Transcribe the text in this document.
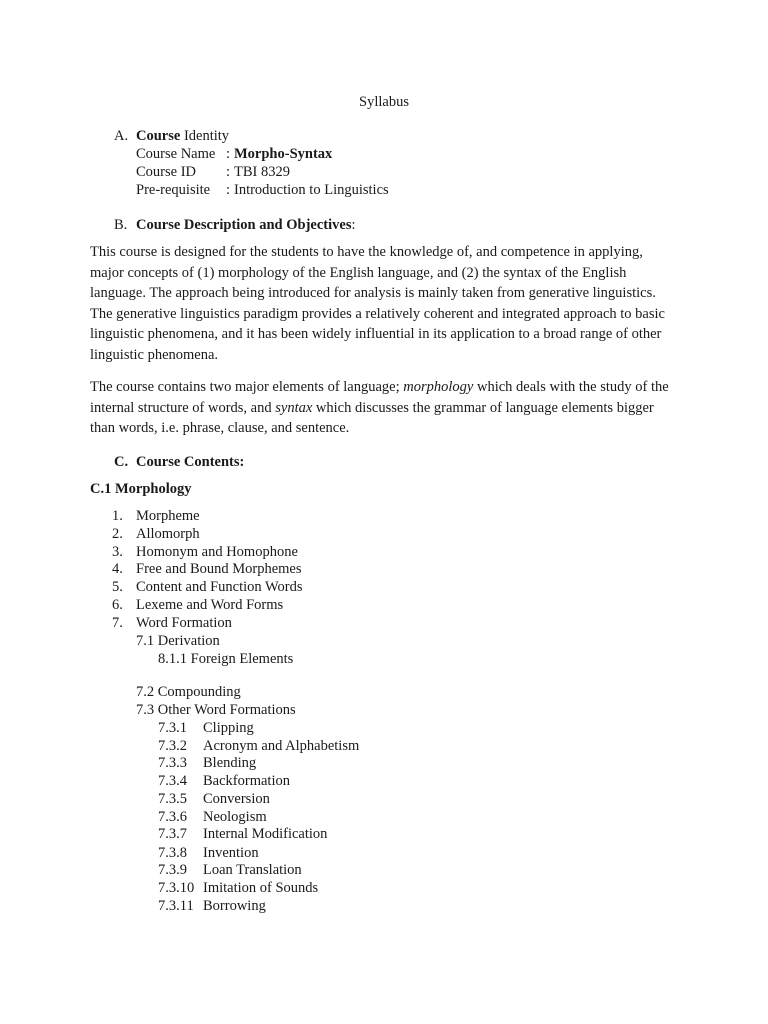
Syllabus
A. Course Identity
Course Name : Morpho-Syntax
Course ID : TBI 8329
Pre-requisite : Introduction to Linguistics
B. Course Description and Objectives:

This course is designed for the students to have the knowledge of, and competence in applying, major concepts of (1) morphology of the English language, and (2) the syntax of the English language. The approach being introduced for analysis is mainly taken from generative linguistics. The generative linguistics paradigm provides a relatively coherent and integrated approach to basic linguistic phenomena, and it has been widely influential in its application to a broad range of other linguistic phenomena.

The course contains two major elements of language; morphology which deals with the study of the internal structure of words, and syntax which discusses the grammar of language elements bigger than words, i.e. phrase, clause, and sentence.

C. Course Contents:
C.1 Morphology
1. Morpheme
2. Allomorph
3. Homonym and Homophone
4. Free and Bound Morphemes
5. Content and Function Words
6. Lexeme and Word Forms
7. Word Formation
7.1 Derivation
8.1.1 Foreign Elements
7.2 Compounding
7.3 Other Word Formations
7.3.1 Clipping
7.3.2 Acronym and Alphabetism
7.3.3 Blending
7.3.4 Backformation
7.3.5 Conversion
7.3.6 Neologism
7.3.7 Internal Modification
7.3.8 Invention
7.3.9 Loan Translation
7.3.10 Imitation of Sounds
7.3.11 Borrowing
